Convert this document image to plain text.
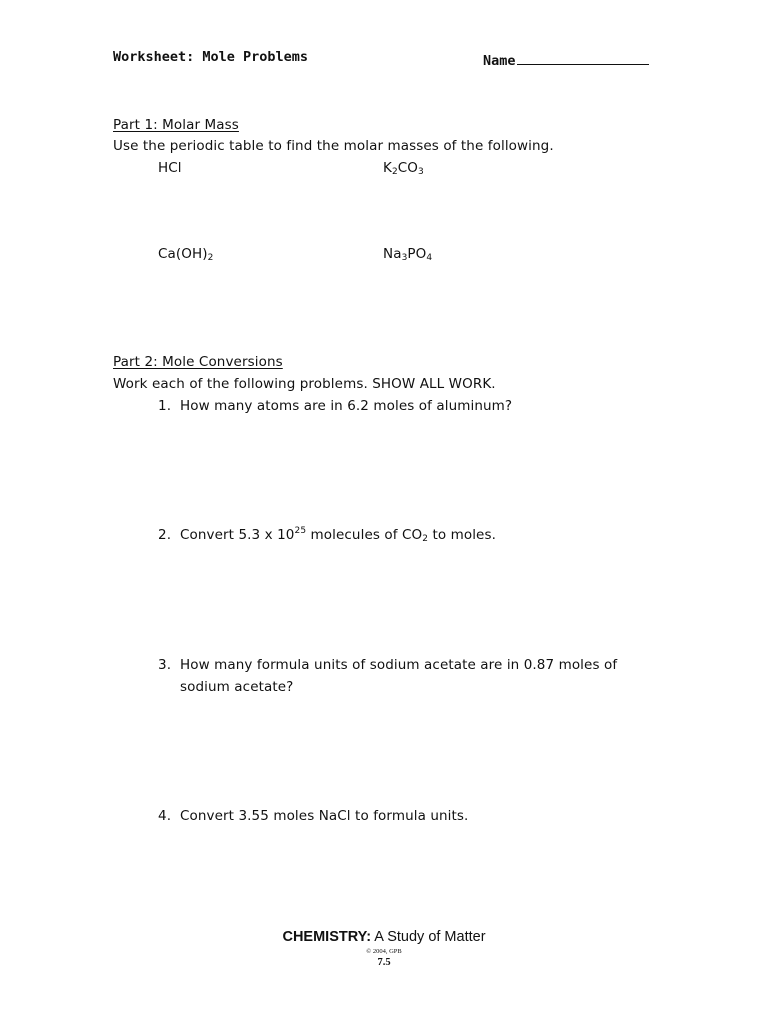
Worksheet: Mole Problems	Name
Part 1: Molar Mass
Use the periodic table to find the molar masses of the following.
HCl	$K_2CO_3$
$Ca(OH)_2$	$Na_3PO_4$
Part 2: Mole Conversions
Work each of the following problems. SHOW ALL WORK.
1. How many atoms are in 6.2 moles of aluminum?
2. Convert 5.3 x $10^{25}$ molecules of $CO_2$ to moles.
3. How many formula units of sodium acetate are in 0.87 moles of
sodium acetate?
4. Convert 3.55 moles NaCl to formula units.
CHEMISTRY: A Study of Matter
© 2004, GPB
7.5
